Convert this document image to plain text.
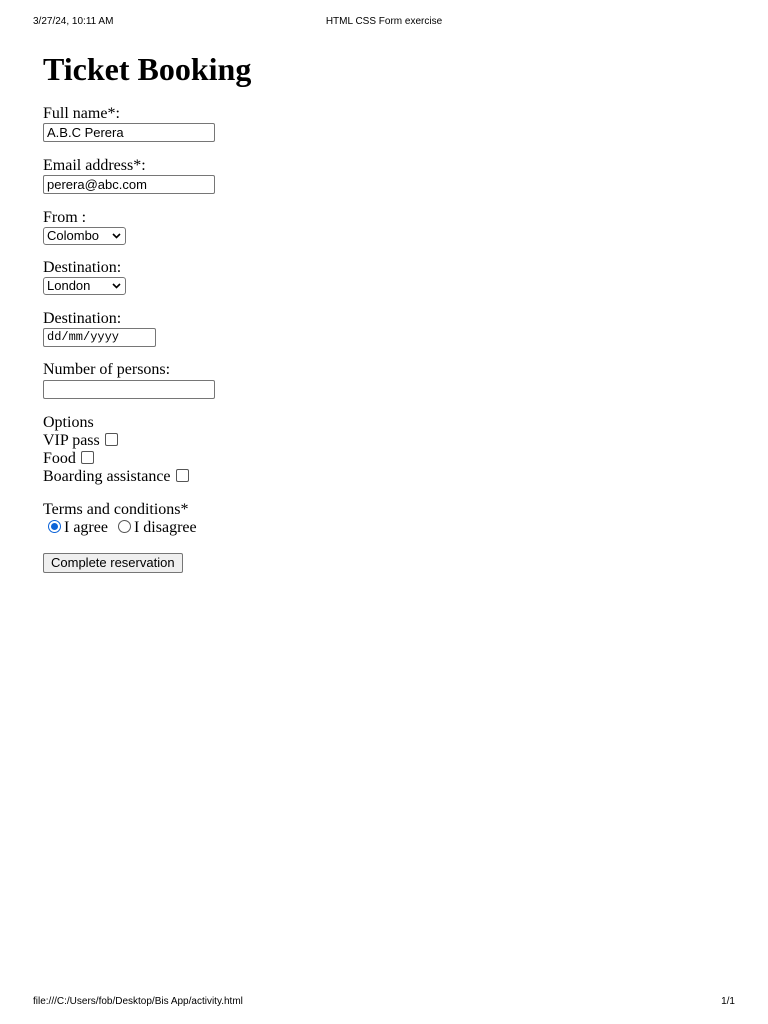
3/27/24, 10:11 AM	HTML CSS Form exercise
Ticket Booking
Full name*:
A.B.C Perera
Email address*:
perera@abc.com
From :
Colombo
Destination:
London
Destination:
dd/mm/yyyy
Number of persons:
Options
VIP pass
Food
Boarding assistance
Terms and conditions*
I agree I disagree
Complete reservation
file:///C:/Users/fob/Desktop/Bis App/activity.html	1/1
